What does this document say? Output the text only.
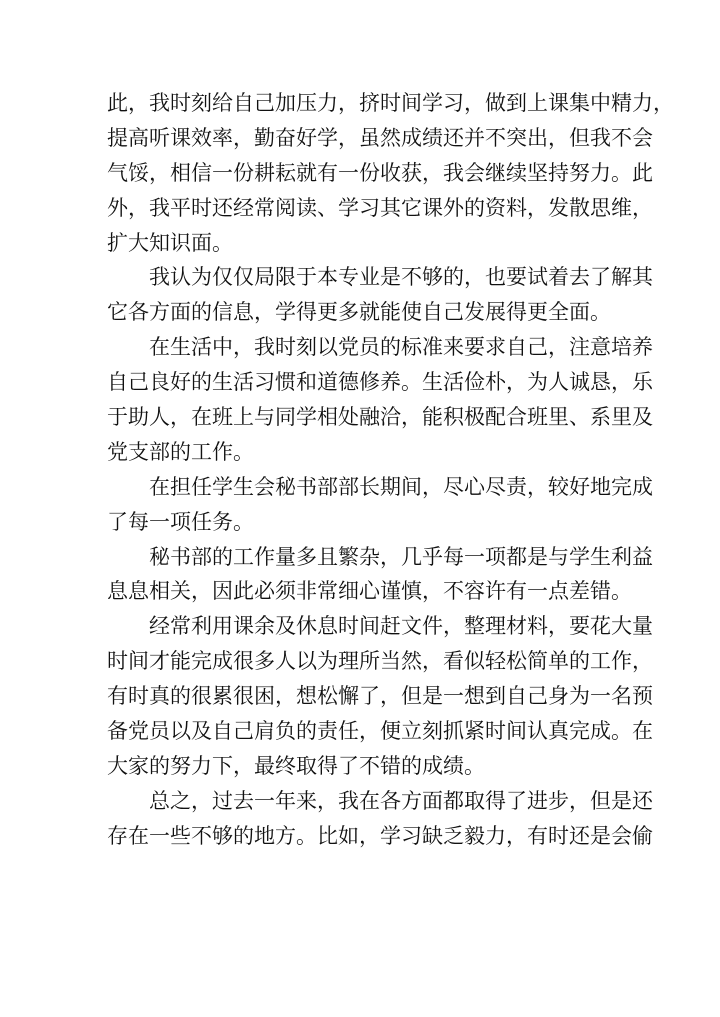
此，我时刻给自己加压力，挤时间学习，做到上课集中精力，
提高听课效率，勤奋好学，虽然成绩还并不突出，但我不会
气馁，相信一份耕耘就有一份收获，我会继续坚持努力。此
外，我平时还经常阅读、学习其它课外的资料，发散思维，
扩大知识面。
我认为仅仅局限于本专业是不够的，也要试着去了解其
它各方面的信息，学得更多就能使自己发展得更全面。
在生活中，我时刻以党员的标准来要求自己，注意培养
自己良好的生活习惯和道德修养。生活俭朴，为人诚恳，乐
于助人，在班上与同学相处融洽，能积极配合班里、系里及
党支部的工作。
在担任学生会秘书部部长期间，尽心尽责，较好地完成
了每一项任务。
秘书部的工作量多且繁杂，几乎每一项都是与学生利益
息息相关，因此必须非常细心谨慎，不容许有一点差错。
经常利用课余及休息时间赶文件，整理材料，要花大量
时间才能完成很多人以为理所当然，看似轻松简单的工作，
有时真的很累很困，想松懈了，但是一想到自己身为一名预
备党员以及自己肩负的责任，便立刻抓紧时间认真完成。在
大家的努力下，最终取得了不错的成绩。
总之，过去一年来，我在各方面都取得了进步，但是还
存在一些不够的地方。比如，学习缺乏毅力，有时还是会偷
